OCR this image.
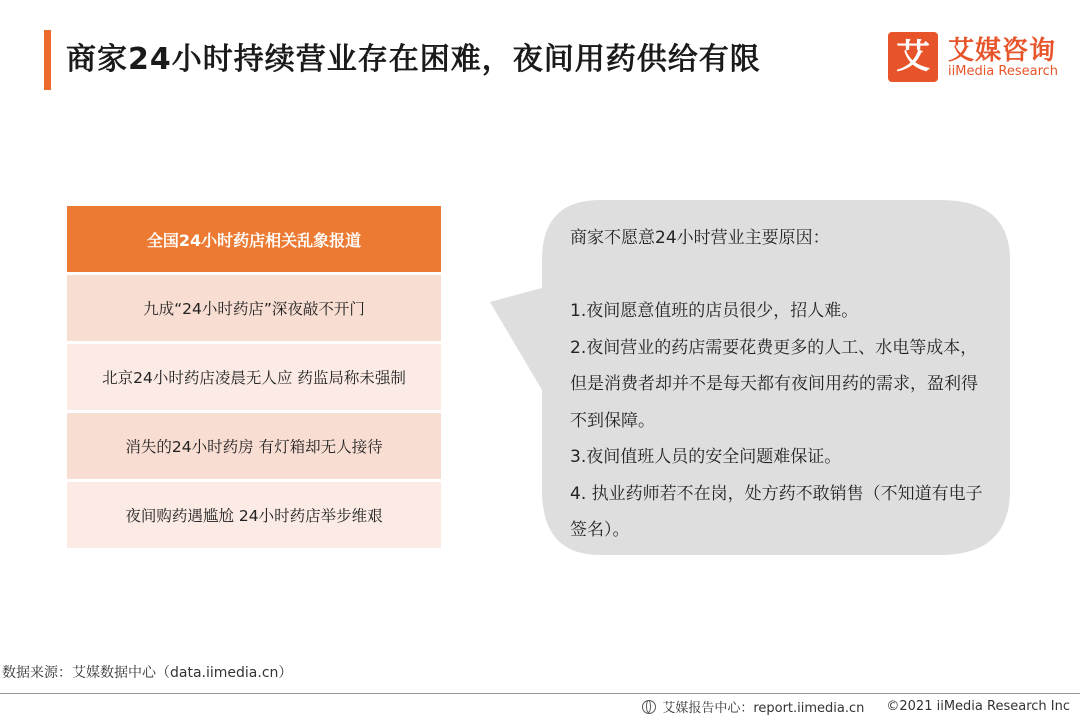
商家24小时持续营业存在困难，夜间用药供给有限	艾 艾媒咨询
iiMedia Research
全国24小时药店相关乱象报道
九成“24小时药店”深夜敲不开门
北京24小时药店凌晨无人应 药监局称未强制
消失的24小时药房 有灯箱却无人接待
夜间购药遇尴尬 24小时药店举步维艰

商家不愿意24小时营业主要原因：

1.夜间愿意值班的店员很少，招人难。

2.夜间营业的药店需要花费更多的人工、水电等成本，但是消费者却并不是每天都有夜间用药的需求，盈利得不到保障。

3.夜间值班人员的安全问题难保证。

4. 执业药师若不在岗，处方药不敢销售（不知道有电子签名）。

数据来源：艾媒数据中心（data.iimedia.cn）
艾媒报告中心：report.iimedia.cn ©2021 iiMedia Research Inc
